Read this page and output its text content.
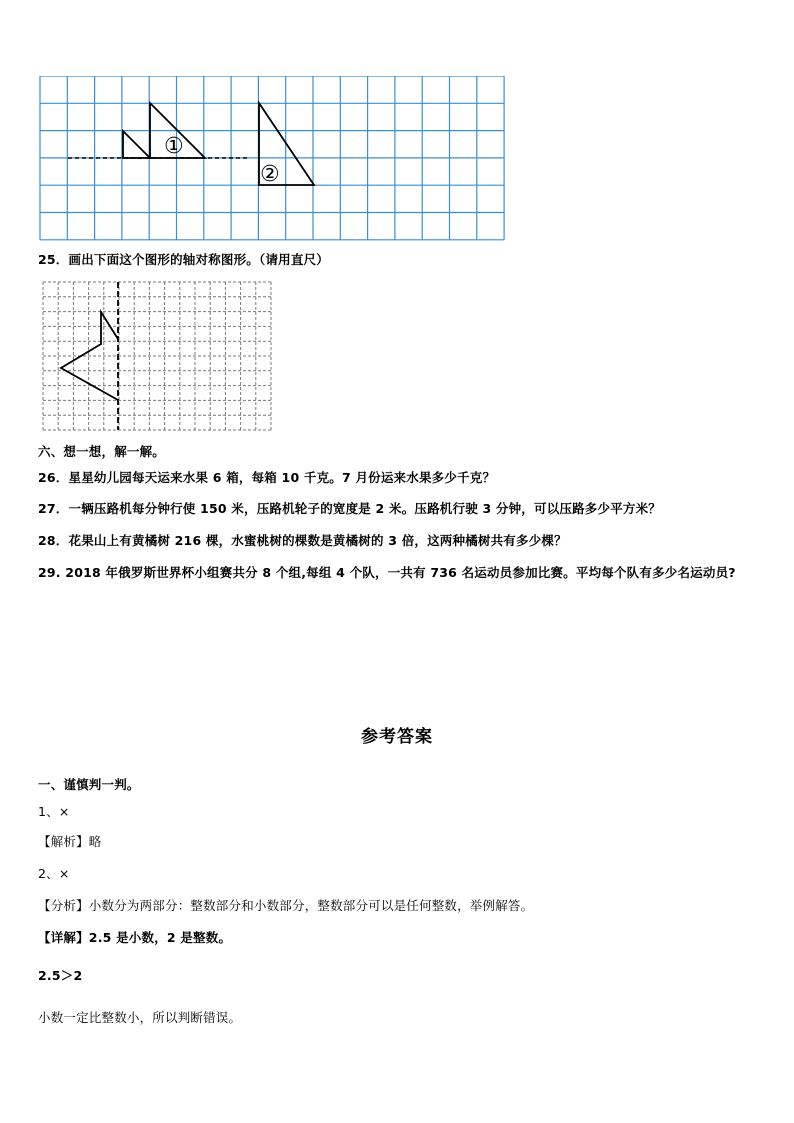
①
②
25．画出下面这个图形的轴对称图形。（请用直尺）
六、想一想，解一解。
26．星星幼儿园每天运来水果 6 箱，每箱 10 千克。7 月份运来水果多少千克？
27．一辆压路机每分钟行使 150 米，压路机轮子的宽度是 2 米。压路机行驶 3 分钟，可以压路多少平方米？
28．花果山上有黄橘树 216 棵，水蜜桃树的棵数是黄橘树的 3 倍，这两种橘树共有多少棵？
29. 2018 年俄罗斯世界杯小组赛共分 8 个组,每组 4 个队，一共有 736 名运动员参加比赛。平均每个队有多少名运动员?
参考答案
一、谨慎判一判。
1、×
【解析】略
2、×
【分析】小数分为两部分：整数部分和小数部分，整数部分可以是任何整数，举例解答。
【详解】2.5 是小数，2 是整数。
2.5＞2
小数一定比整数小，所以判断错误。
